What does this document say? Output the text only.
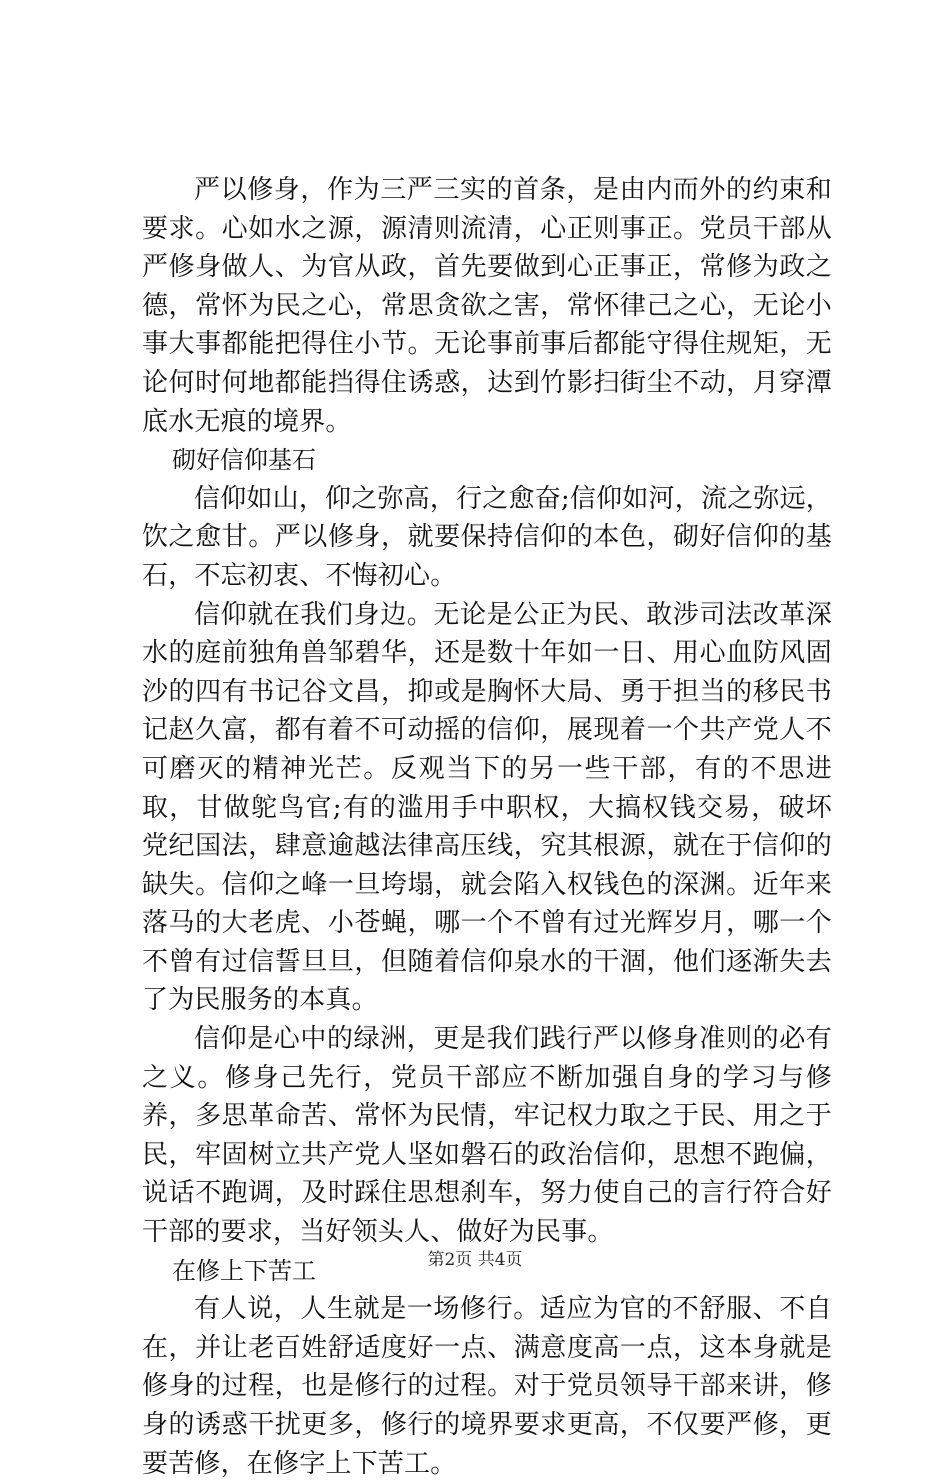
严以修身，作为三严三实的首条，是由内而外的约束和要求。心如水之源，源清则流清，心正则事正。党员干部从严修身做人、为官从政，首先要做到心正事正，常修为政之德，常怀为民之心，常思贪欲之害，常怀律己之心，无论小事大事都能把得住小节。无论事前事后都能守得住规矩，无论何时何地都能挡得住诱惑，达到竹影扫街尘不动，月穿潭底水无痕的境界。

砌好信仰基石

信仰如山，仰之弥高，行之愈奋;信仰如河，流之弥远，饮之愈甘。严以修身，就要保持信仰的本色，砌好信仰的基石，不忘初衷、不悔初心。

信仰就在我们身边。无论是公正为民、敢涉司法改革深水的庭前独角兽邹碧华，还是数十年如一日、用心血防风固沙的四有书记谷文昌，抑或是胸怀大局、勇于担当的移民书记赵久富，都有着不可动摇的信仰，展现着一个共产党人不可磨灭的精神光芒。反观当下的另一些干部，有的不思进取，甘做鸵鸟官;有的滥用手中职权，大搞权钱交易，破坏党纪国法，肆意逾越法律高压线，究其根源，就在于信仰的缺失。信仰之峰一旦垮塌，就会陷入权钱色的深渊。近年来落马的大老虎、小苍蝇，哪一个不曾有过光辉岁月，哪一个不曾有过信誓旦旦，但随着信仰泉水的干涸，他们逐渐失去了为民服务的本真。

信仰是心中的绿洲，更是我们践行严以修身准则的必有之义。修身己先行，党员干部应不断加强自身的学习与修养，多思革命苦、常怀为民情，牢记权力取之于民、用之于民，牢固树立共产党人坚如磐石的政治信仰，思想不跑偏，说话不跑调，及时踩住思想刹车，努力使自己的言行符合好干部的要求，当好领头人、做好为民事。

在修上下苦工

有人说，人生就是一场修行。适应为官的不舒服、不自在，并让老百姓舒适度好一点、满意度高一点，这本身就是修身的过程，也是修行的过程。对于党员领导干部来讲，修身的诱惑干扰更多，修行的境界要求更高，不仅要严修，更要苦修，在修字上下苦工。

第2页 共4页
